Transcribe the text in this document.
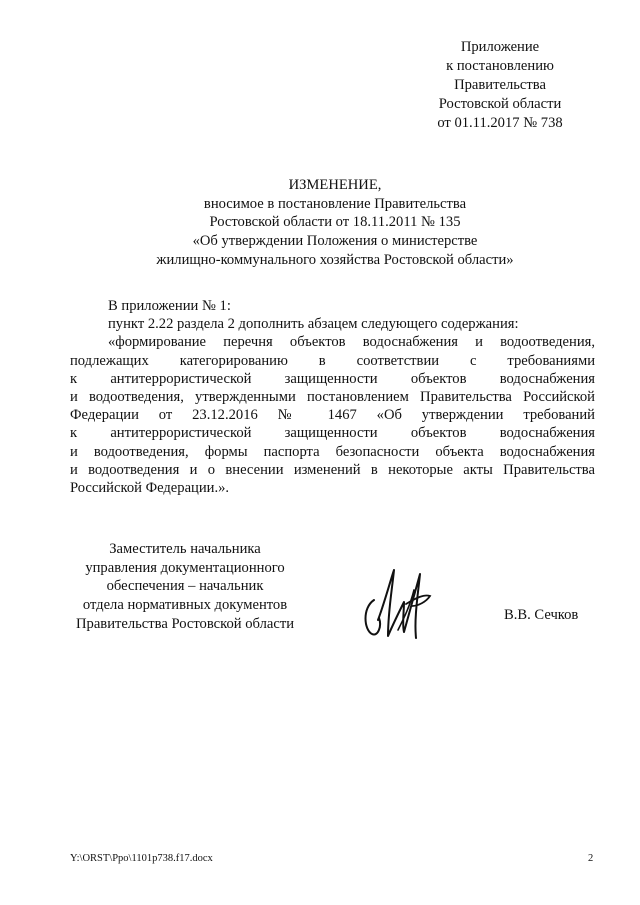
Приложение
к постановлению
Правительства
Ростовской области
от 01.11.2017 № 738
ИЗМЕНЕНИЕ,
вносимое в постановление Правительства
Ростовской области от 18.11.2011 № 135
«Об утверждении Положения о министерстве
жилищно-коммунального хозяйства Ростовской области»
В приложении № 1:
пункт 2.22 раздела 2 дополнить абзацем следующего содержания:
«формирование перечня объектов водоснабжения и водоотведения,
подлежащих категорированию в соответствии с требованиями
к антитеррористической защищенности объектов водоснабжения
и водоотведения, утвержденными постановлением Правительства Российской
Федерации от 23.12.2016 № 1467 «Об утверждении требований
к антитеррористической защищенности объектов водоснабжения
и водоотведения, формы паспорта безопасности объекта водоснабжения
и водоотведения и о внесении изменений в некоторые акты Правительства
Российской Федерации.».
Заместитель начальника
управления документационного
обеспечения – начальник
отдела нормативных документов
Правительства Ростовской области
В.В. Сечков
Y:\ORST\Ppo\1101p738.f17.docx	2
